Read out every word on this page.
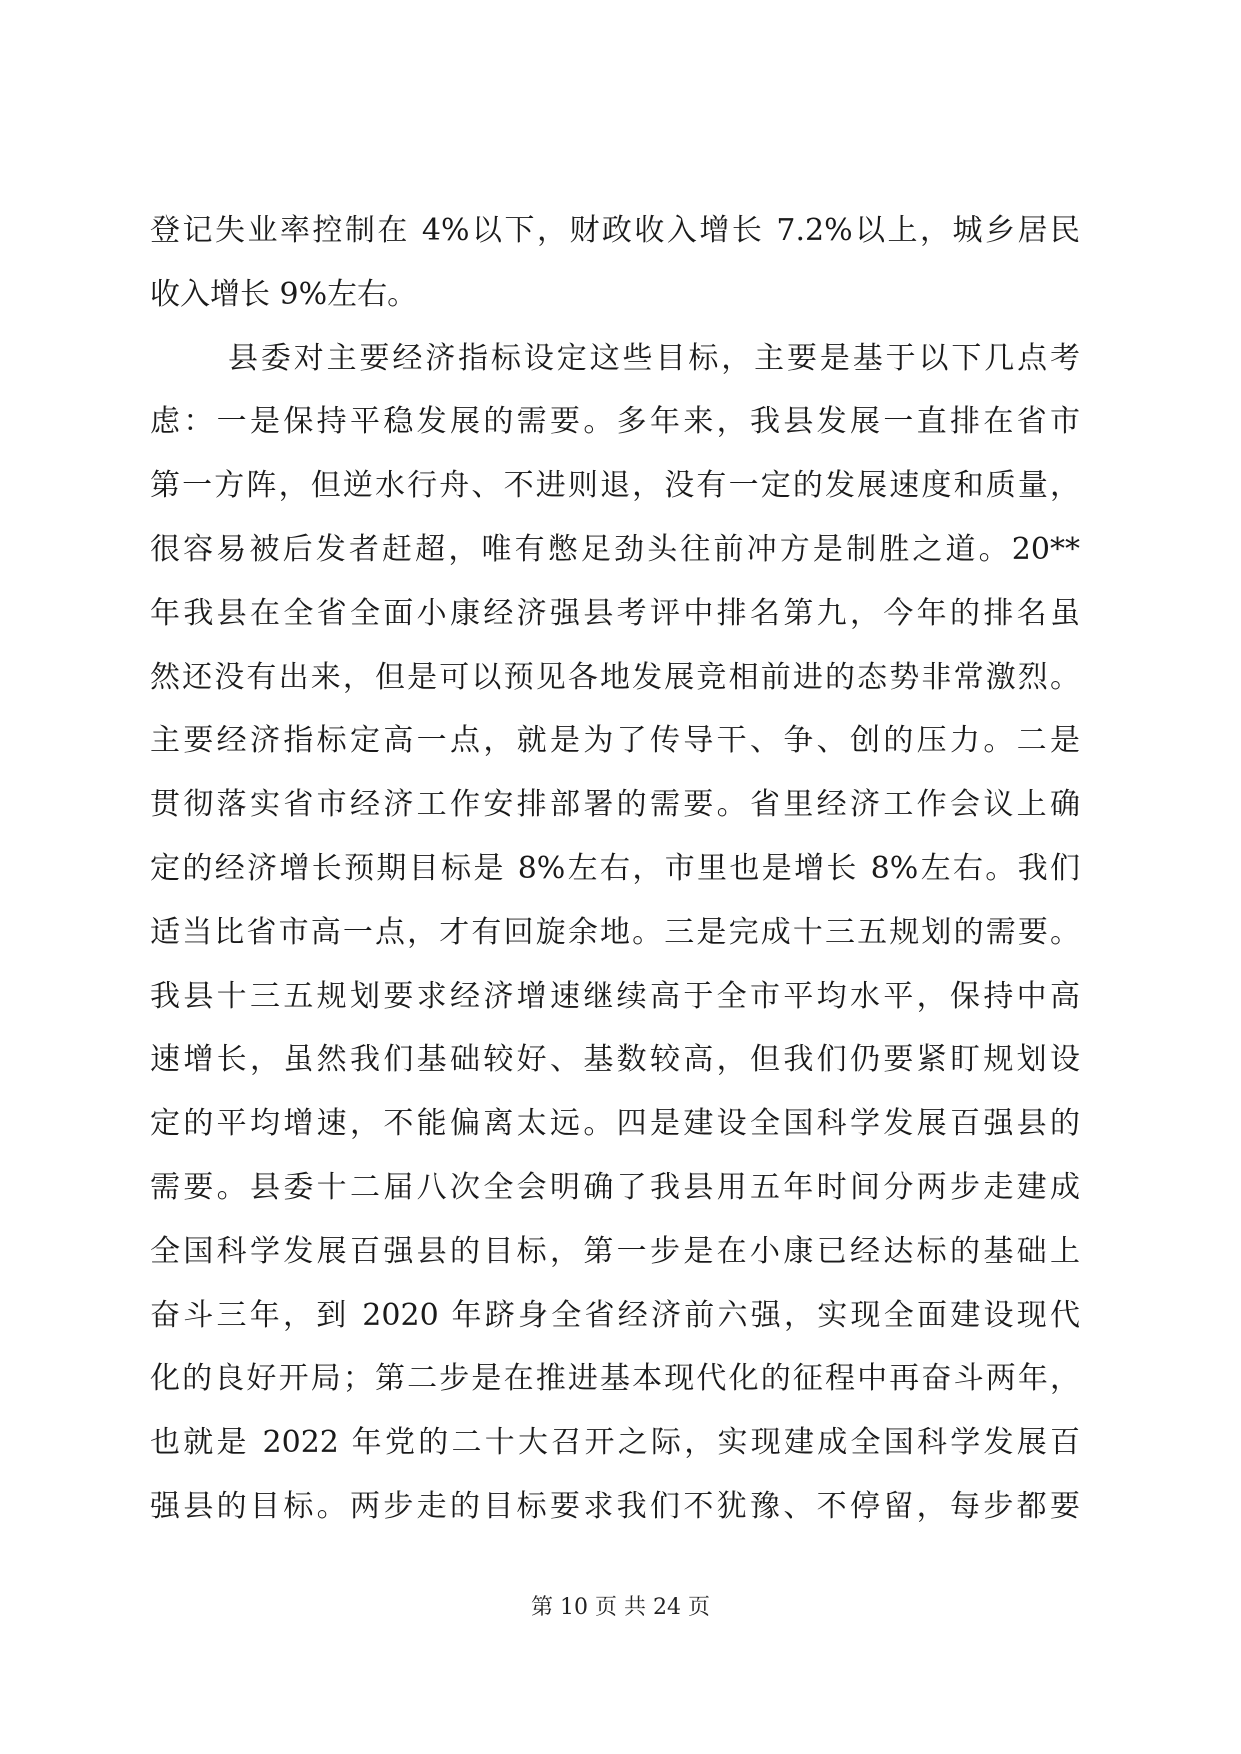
登记失业率控制在 4%以下，财政收入增长 7.2%以上，城乡居民
收入增长 9%左右。
县委对主要经济指标设定这些目标，主要是基于以下几点考
虑：一是保持平稳发展的需要。多年来，我县发展一直排在省市
第一方阵，但逆水行舟、不进则退，没有一定的发展速度和质量，
很容易被后发者赶超，唯有憋足劲头往前冲方是制胜之道。20**
年我县在全省全面小康经济强县考评中排名第九，今年的排名虽
然还没有出来，但是可以预见各地发展竞相前进的态势非常激烈。
主要经济指标定高一点，就是为了传导干、争、创的压力。二是
贯彻落实省市经济工作安排部署的需要。省里经济工作会议上确
定的经济增长预期目标是 8%左右，市里也是增长 8%左右。我们
适当比省市高一点，才有回旋余地。三是完成十三五规划的需要。
我县十三五规划要求经济增速继续高于全市平均水平，保持中高
速增长，虽然我们基础较好、基数较高，但我们仍要紧盯规划设
定的平均增速，不能偏离太远。四是建设全国科学发展百强县的
需要。县委十二届八次全会明确了我县用五年时间分两步走建成
全国科学发展百强县的目标，第一步是在小康已经达标的基础上
奋斗三年，到 2020 年跻身全省经济前六强，实现全面建设现代
化的良好开局；第二步是在推进基本现代化的征程中再奋斗两年，
也就是 2022 年党的二十大召开之际，实现建成全国科学发展百
强县的目标。两步走的目标要求我们不犹豫、不停留，每步都要
第 10 页 共 24 页
